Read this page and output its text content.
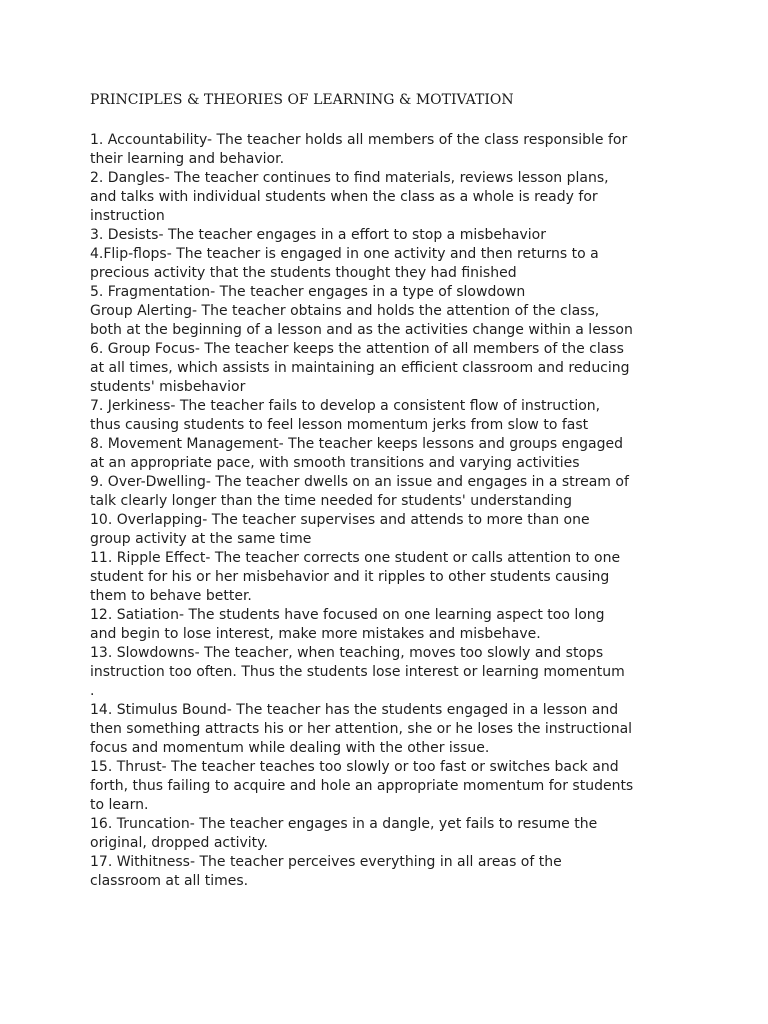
PRINCIPLES & THEORIES OF LEARNING & MOTIVATION
1. Accountability- The teacher holds all members of the class responsible for
their learning and behavior.
2. Dangles- The teacher continues to find materials, reviews lesson plans,
and talks with individual students when the class as a whole is ready for
instruction
3. Desists- The teacher engages in a effort to stop a misbehavior
4.Flip-flops- The teacher is engaged in one activity and then returns to a
precious activity that the students thought they had finished
5. Fragmentation- The teacher engages in a type of slowdown
Group Alerting- The teacher obtains and holds the attention of the class,
both at the beginning of a lesson and as the activities change within a lesson
6. Group Focus- The teacher keeps the attention of all members of the class
at all times, which assists in maintaining an efficient classroom and reducing
students' misbehavior
7. Jerkiness- The teacher fails to develop a consistent flow of instruction,
thus causing students to feel lesson momentum jerks from slow to fast
8. Movement Management- The teacher keeps lessons and groups engaged
at an appropriate pace, with smooth transitions and varying activities
9. Over-Dwelling- The teacher dwells on an issue and engages in a stream of
talk clearly longer than the time needed for students' understanding
10. Overlapping- The teacher supervises and attends to more than one
group activity at the same time
11. Ripple Effect- The teacher corrects one student or calls attention to one
student for his or her misbehavior and it ripples to other students causing
them to behave better.
12. Satiation- The students have focused on one learning aspect too long
and begin to lose interest, make more mistakes and misbehave.
13. Slowdowns- The teacher, when teaching, moves too slowly and stops
instruction too often. Thus the students lose interest or learning momentum
.
14. Stimulus Bound- The teacher has the students engaged in a lesson and
then something attracts his or her attention, she or he loses the instructional
focus and momentum while dealing with the other issue.
15. Thrust- The teacher teaches too slowly or too fast or switches back and
forth, thus failing to acquire and hole an appropriate momentum for students
to learn.
16. Truncation- The teacher engages in a dangle, yet fails to resume the
original, dropped activity.
17. Withitness- The teacher perceives everything in all areas of the
classroom at all times.
